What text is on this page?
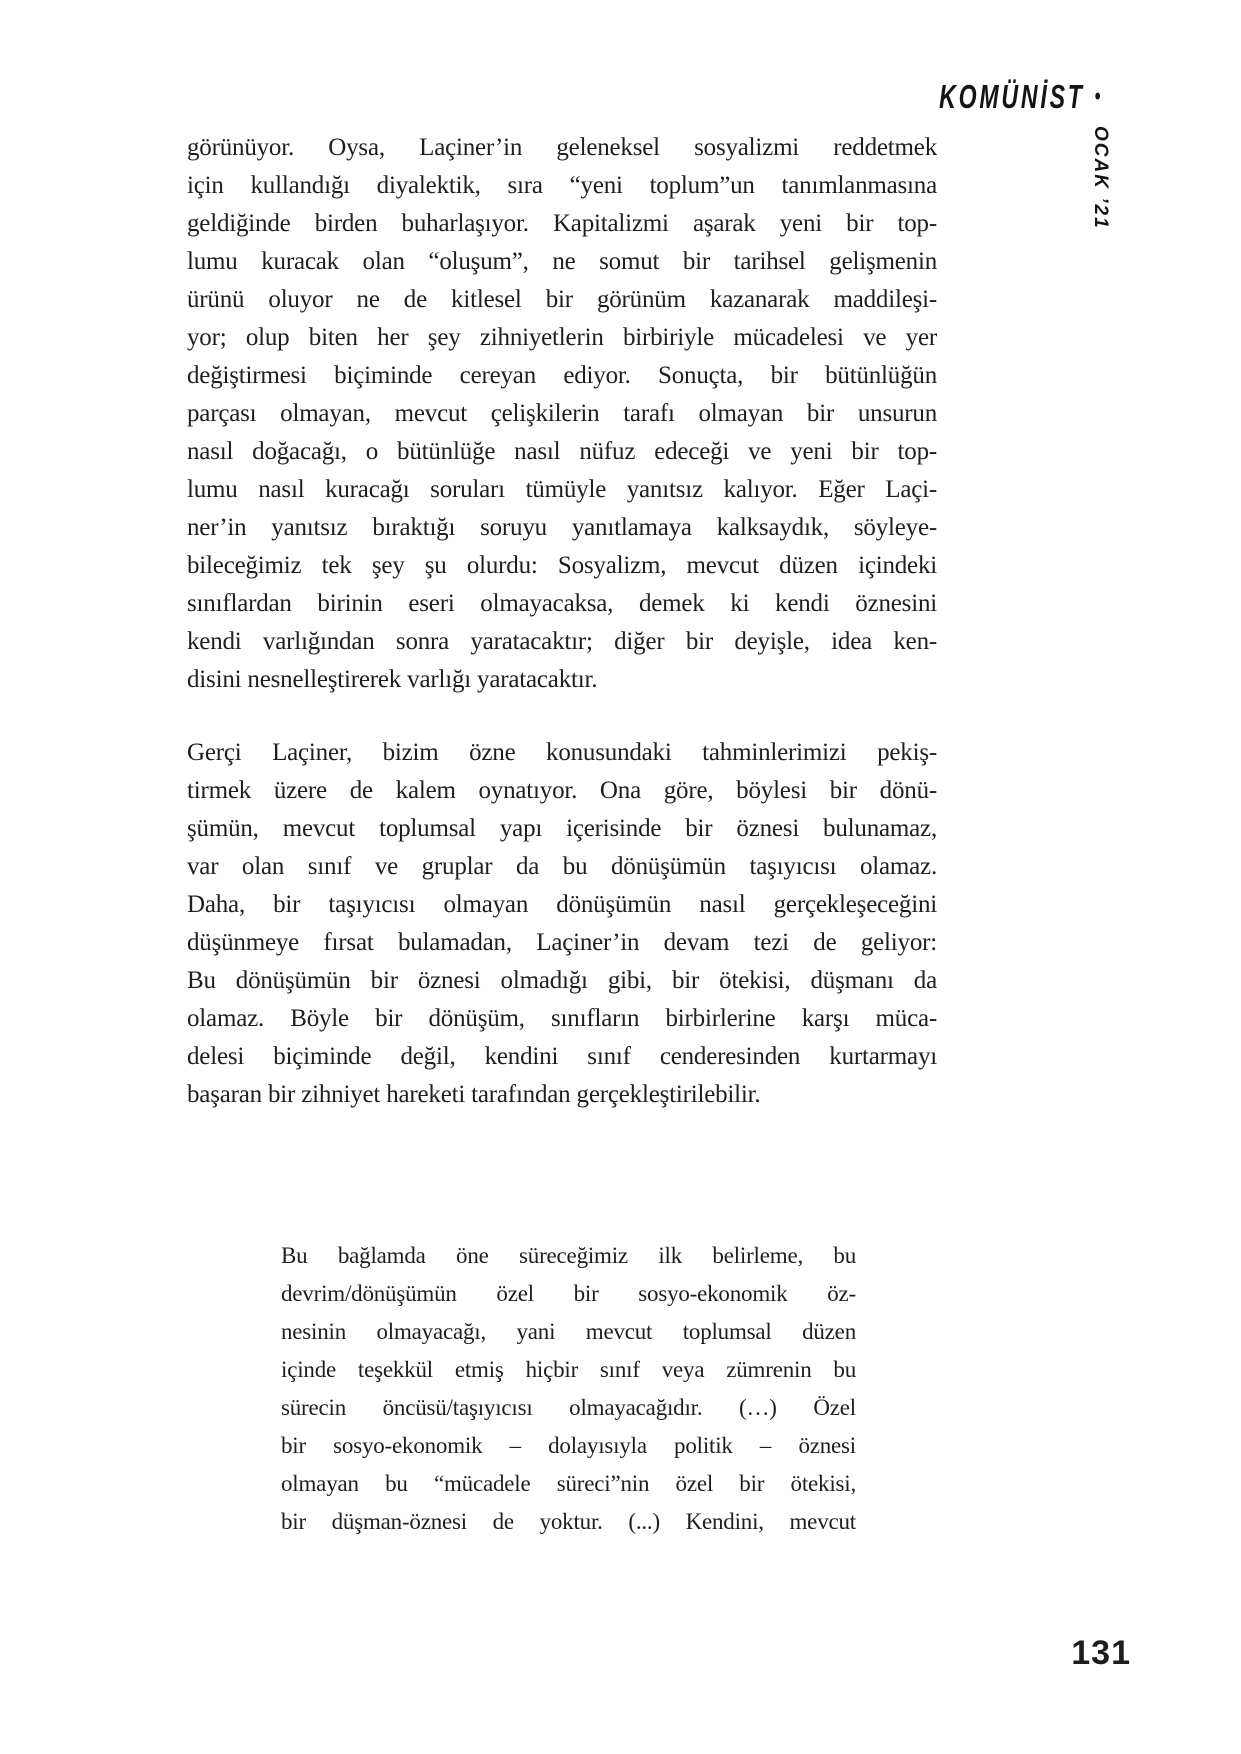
KOMÜNİST •
OCAK ’21
görünüyor. Oysa, Laçiner’in geleneksel sosyalizmi reddetmek
için kullandığı diyalektik, sıra “yeni toplum”un tanımlanmasına
geldiğinde birden buharlaşıyor. Kapitalizmi aşarak yeni bir top-
lumu kuracak olan “oluşum”, ne somut bir tarihsel gelişmenin
ürünü oluyor ne de kitlesel bir görünüm kazanarak maddileşi-
yor; olup biten her şey zihniyetlerin birbiriyle mücadelesi ve yer
değiştirmesi biçiminde cereyan ediyor. Sonuçta, bir bütünlüğün
parçası olmayan, mevcut çelişkilerin tarafı olmayan bir unsurun
nasıl doğacağı, o bütünlüğe nasıl nüfuz edeceği ve yeni bir top-
lumu nasıl kuracağı soruları tümüyle yanıtsız kalıyor. Eğer Laçi-
ner’in yanıtsız bıraktığı soruyu yanıtlamaya kalksaydık, söyleye-
bileceğimiz tek şey şu olurdu: Sosyalizm, mevcut düzen içindeki
sınıflardan birinin eseri olmayacaksa, demek ki kendi öznesini
kendi varlığından sonra yaratacaktır; diğer bir deyişle, idea ken-
disini nesnelleştirerek varlığı yaratacaktır.
Gerçi Laçiner, bizim özne konusundaki tahminlerimizi pekiş-
tirmek üzere de kalem oynatıyor. Ona göre, böylesi bir dönü-
şümün, mevcut toplumsal yapı içerisinde bir öznesi bulunamaz,
var olan sınıf ve gruplar da bu dönüşümün taşıyıcısı olamaz.
Daha, bir taşıyıcısı olmayan dönüşümün nasıl gerçekleşeceğini
düşünmeye fırsat bulamadan, Laçiner’in devam tezi de geliyor:
Bu dönüşümün bir öznesi olmadığı gibi, bir ötekisi, düşmanı da
olamaz. Böyle bir dönüşüm, sınıfların birbirlerine karşı müca-
delesi biçiminde değil, kendini sınıf cenderesinden kurtarmayı
başaran bir zihniyet hareketi tarafından gerçekleştirilebilir.
Bu bağlamda öne süreceğimiz ilk belirleme, bu
devrim/dönüşümün özel bir sosyo-ekonomik öz-
nesinin olmayacağı, yani mevcut toplumsal düzen
içinde teşekkül etmiş hiçbir sınıf veya zümrenin bu
sürecin öncüsü/taşıyıcısı olmayacağıdır. (…) Özel
bir sosyo-ekonomik – dolayısıyla politik – öznesi
olmayan bu “mücadele süreci”nin özel bir ötekisi,
bir düşman-öznesi de yoktur. (...) Kendini, mevcut
131
